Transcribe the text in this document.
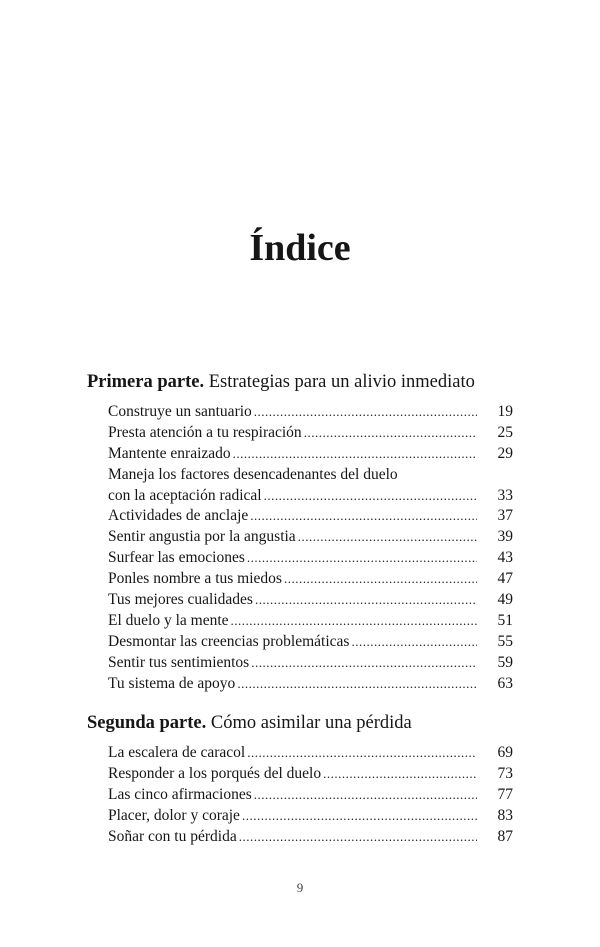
Índice
Primera parte. Estrategias para un alivio inmediato
Construye un santuario .....	19
Presta atención a tu respiración .....	25
Mantente enraizado .....	29
Maneja los factores desencadenantes del duelo
con la aceptación radical .....	33
Actividades de anclaje .....	37
Sentir angustia por la angustia .....	39
Surfear las emociones .....	43
Ponles nombre a tus miedos .....	47
Tus mejores cualidades .....	49
El duelo y la mente .....	51
Desmontar las creencias problemáticas .....	55
Sentir tus sentimientos .....	59
Tu sistema de apoyo .....	63
Segunda parte. Cómo asimilar una pérdida
La escalera de caracol .....	69
Responder a los porqués del duelo .....	73
Las cinco afirmaciones .....	77
Placer, dolor y coraje .....	83
Soñar con tu pérdida .....	87
9
